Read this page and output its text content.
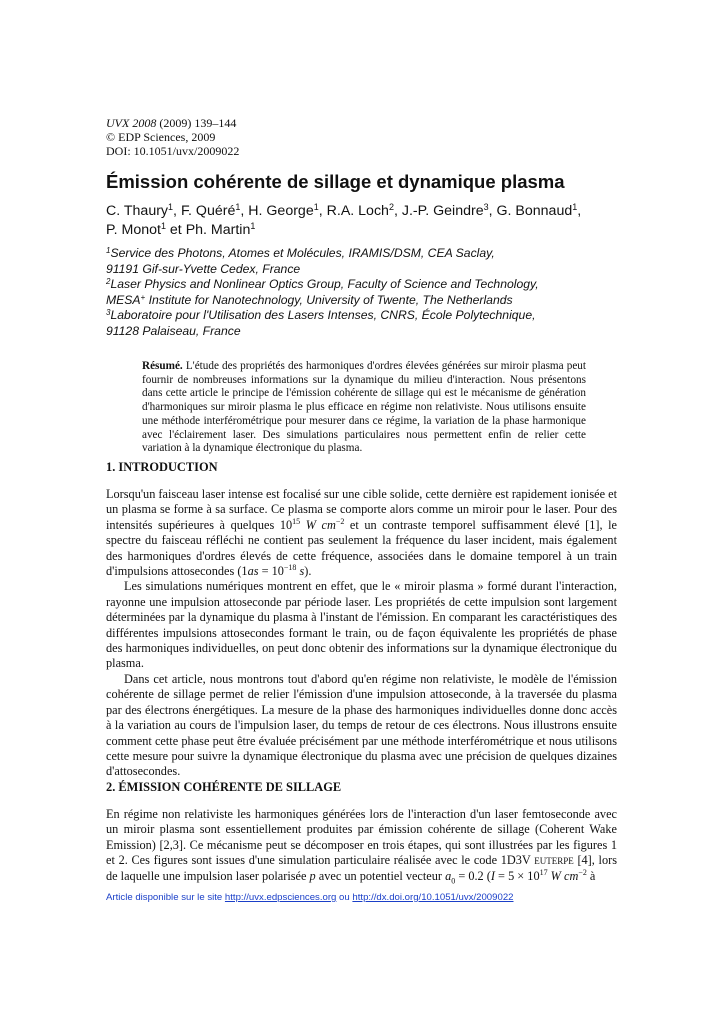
UVX 2008 (2009) 139–144
© EDP Sciences, 2009
DOI: 10.1051/uvx/2009022
Émission cohérente de sillage et dynamique plasma
C. Thaury$^1$, F. Quéré$^1$, H. George$^1$, R.A. Loch$^2$, J.-P. Geindre$^3$, G. Bonnaud$^1$,
P. Monot$^1$ et Ph. Martin$^1$
$^1$Service des Photons, Atomes et Molécules, IRAMIS/DSM, CEA Saclay,
91191 Gif-sur-Yvette Cedex, France
$^2$Laser Physics and Nonlinear Optics Group, Faculty of Science and Technology,
MESA+ Institute for Nanotechnology, University of Twente, The Netherlands
$^3$Laboratoire pour l'Utilisation des Lasers Intenses, CNRS, École Polytechnique,
91128 Palaiseau, France
Résumé. L'étude des propriétés des harmoniques d'ordres élevées générées sur miroir plasma peut fournir de nombreuses informations sur la dynamique du milieu d'interaction. Nous présentons dans cette article le principe de l'émission cohérente de sillage qui est le mécanisme de génération d'harmoniques sur miroir plasma le plus efficace en régime non relativiste. Nous utilisons ensuite une méthode interférométrique pour mesurer dans ce régime, la variation de la phase harmonique avec l'éclairement laser. Des simulations particulaires nous permettent enfin de relier cette variation à la dynamique électronique du plasma.
1. INTRODUCTION

Lorsqu'un faisceau laser intense est focalisé sur une cible solide, cette dernière est rapidement ionisée et un plasma se forme à sa surface. Ce plasma se comporte alors comme un miroir pour le laser. Pour des intensités supérieures à quelques $10^{15}$ W $cm^{-2}$ et un contraste temporel suffisamment élevé [1], le spectre du faisceau réfléchi ne contient pas seulement la fréquence du laser incident, mais également des harmoniques d'ordres élevés de cette fréquence, associées dans le domaine temporel à un train d'impulsions attosecondes ($1as = 10^{-18}$ s).

Les simulations numériques montrent en effet, que le « miroir plasma » formé durant l'interaction, rayonne une impulsion attoseconde par période laser. Les propriétés de cette impulsion sont largement déterminées par la dynamique du plasma à l'instant de l'émission. En comparant les caractéristiques des différentes impulsions attosecondes formant le train, ou de façon équivalente les propriétés de phase des harmoniques individuelles, on peut donc obtenir des informations sur la dynamique électronique du plasma.

Dans cet article, nous montrons tout d'abord qu'en régime non relativiste, le modèle de l'émission cohérente de sillage permet de relier l'émission d'une impulsion attoseconde, à la traversée du plasma par des électrons énergétiques. La mesure de la phase des harmoniques individuelles donne donc accès à la variation au cours de l'impulsion laser, du temps de retour de ces électrons. Nous illustrons ensuite comment cette phase peut être évaluée précisément par une méthode interférométrique et nous utilisons cette mesure pour suivre la dynamique électronique du plasma avec une précision de quelques dizaines d'attosecondes.

2. ÉMISSION COHÉRENTE DE SILLAGE

En régime non relativiste les harmoniques générées lors de l'interaction d'un laser femtoseconde avec un miroir plasma sont essentiellement produites par émission cohérente de sillage (Coherent Wake Emission) [2,3]. Ce mécanisme peut se décomposer en trois étapes, qui sont illustrées par les figures 1 et 2. Ces figures sont issues d'une simulation particulaire réalisée avec le code 1D3V euterpe [4], lors de laquelle une impulsion laser polarisée p avec un potentiel vecteur $a_0 = 0.2$ ($I = 5 \times 10^{17}$ W $cm^{-2}$ à

Article disponible sur le site http://uvx.edpsciences.org ou http://dx.doi.org/10.1051/uvx/2009022
